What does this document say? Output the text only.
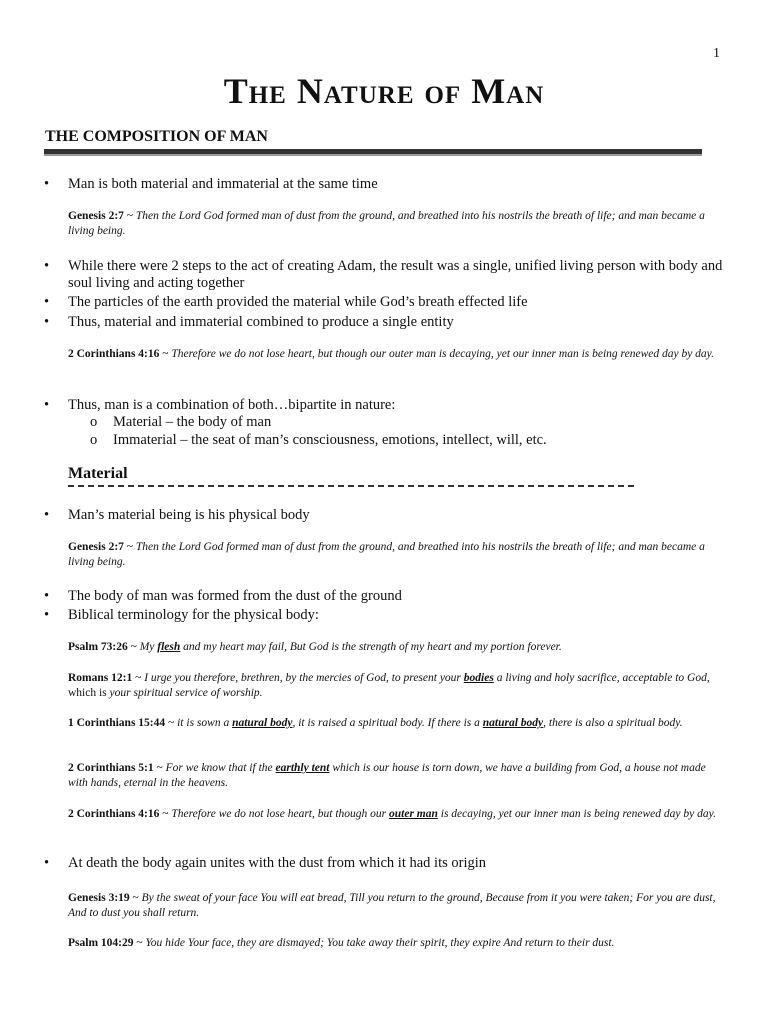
1
The Nature of Man
THE COMPOSITION OF MAN
• Man is both material and immaterial at the same time
Genesis 2:7 ~ Then the Lord God formed man of dust from the ground, and breathed into his nostrils the breath of life; and man became a living being.
• While there were 2 steps to the act of creating Adam, the result was a single, unified living person with body and soul living and acting together
• The particles of the earth provided the material while God’s breath effected life
• Thus, material and immaterial combined to produce a single entity
2 Corinthians 4:16 ~ Therefore we do not lose heart, but though our outer man is decaying, yet our inner man is being renewed day by day.
• Thus, man is a combination of both…bipartite in nature:
o Material – the body of man
o Immaterial – the seat of man’s consciousness, emotions, intellect, will, etc.
Material
• Man’s material being is his physical body
Genesis 2:7 ~ Then the Lord God formed man of dust from the ground, and breathed into his nostrils the breath of life; and man became a living being.
• The body of man was formed from the dust of the ground
• Biblical terminology for the physical body:
Psalm 73:26 ~ My flesh and my heart may fail, But God is the strength of my heart and my portion forever.
Romans 12:1 ~ I urge you therefore, brethren, by the mercies of God, to present your bodies a living and holy sacrifice, acceptable to God, which is your spiritual service of worship.
1 Corinthians 15:44 ~ it is sown a natural body, it is raised a spiritual body. If there is a natural body, there is also a spiritual body.
2 Corinthians 5:1 ~ For we know that if the earthly tent which is our house is torn down, we have a building from God, a house not made with hands, eternal in the heavens.
2 Corinthians 4:16 ~ Therefore we do not lose heart, but though our outer man is decaying, yet our inner man is being renewed day by day.
• At death the body again unites with the dust from which it had its origin
Genesis 3:19 ~ By the sweat of your face You will eat bread, Till you return to the ground, Because from it you were taken; For you are dust, And to dust you shall return.
Psalm 104:29 ~ You hide Your face, they are dismayed; You take away their spirit, they expire And return to their dust.
